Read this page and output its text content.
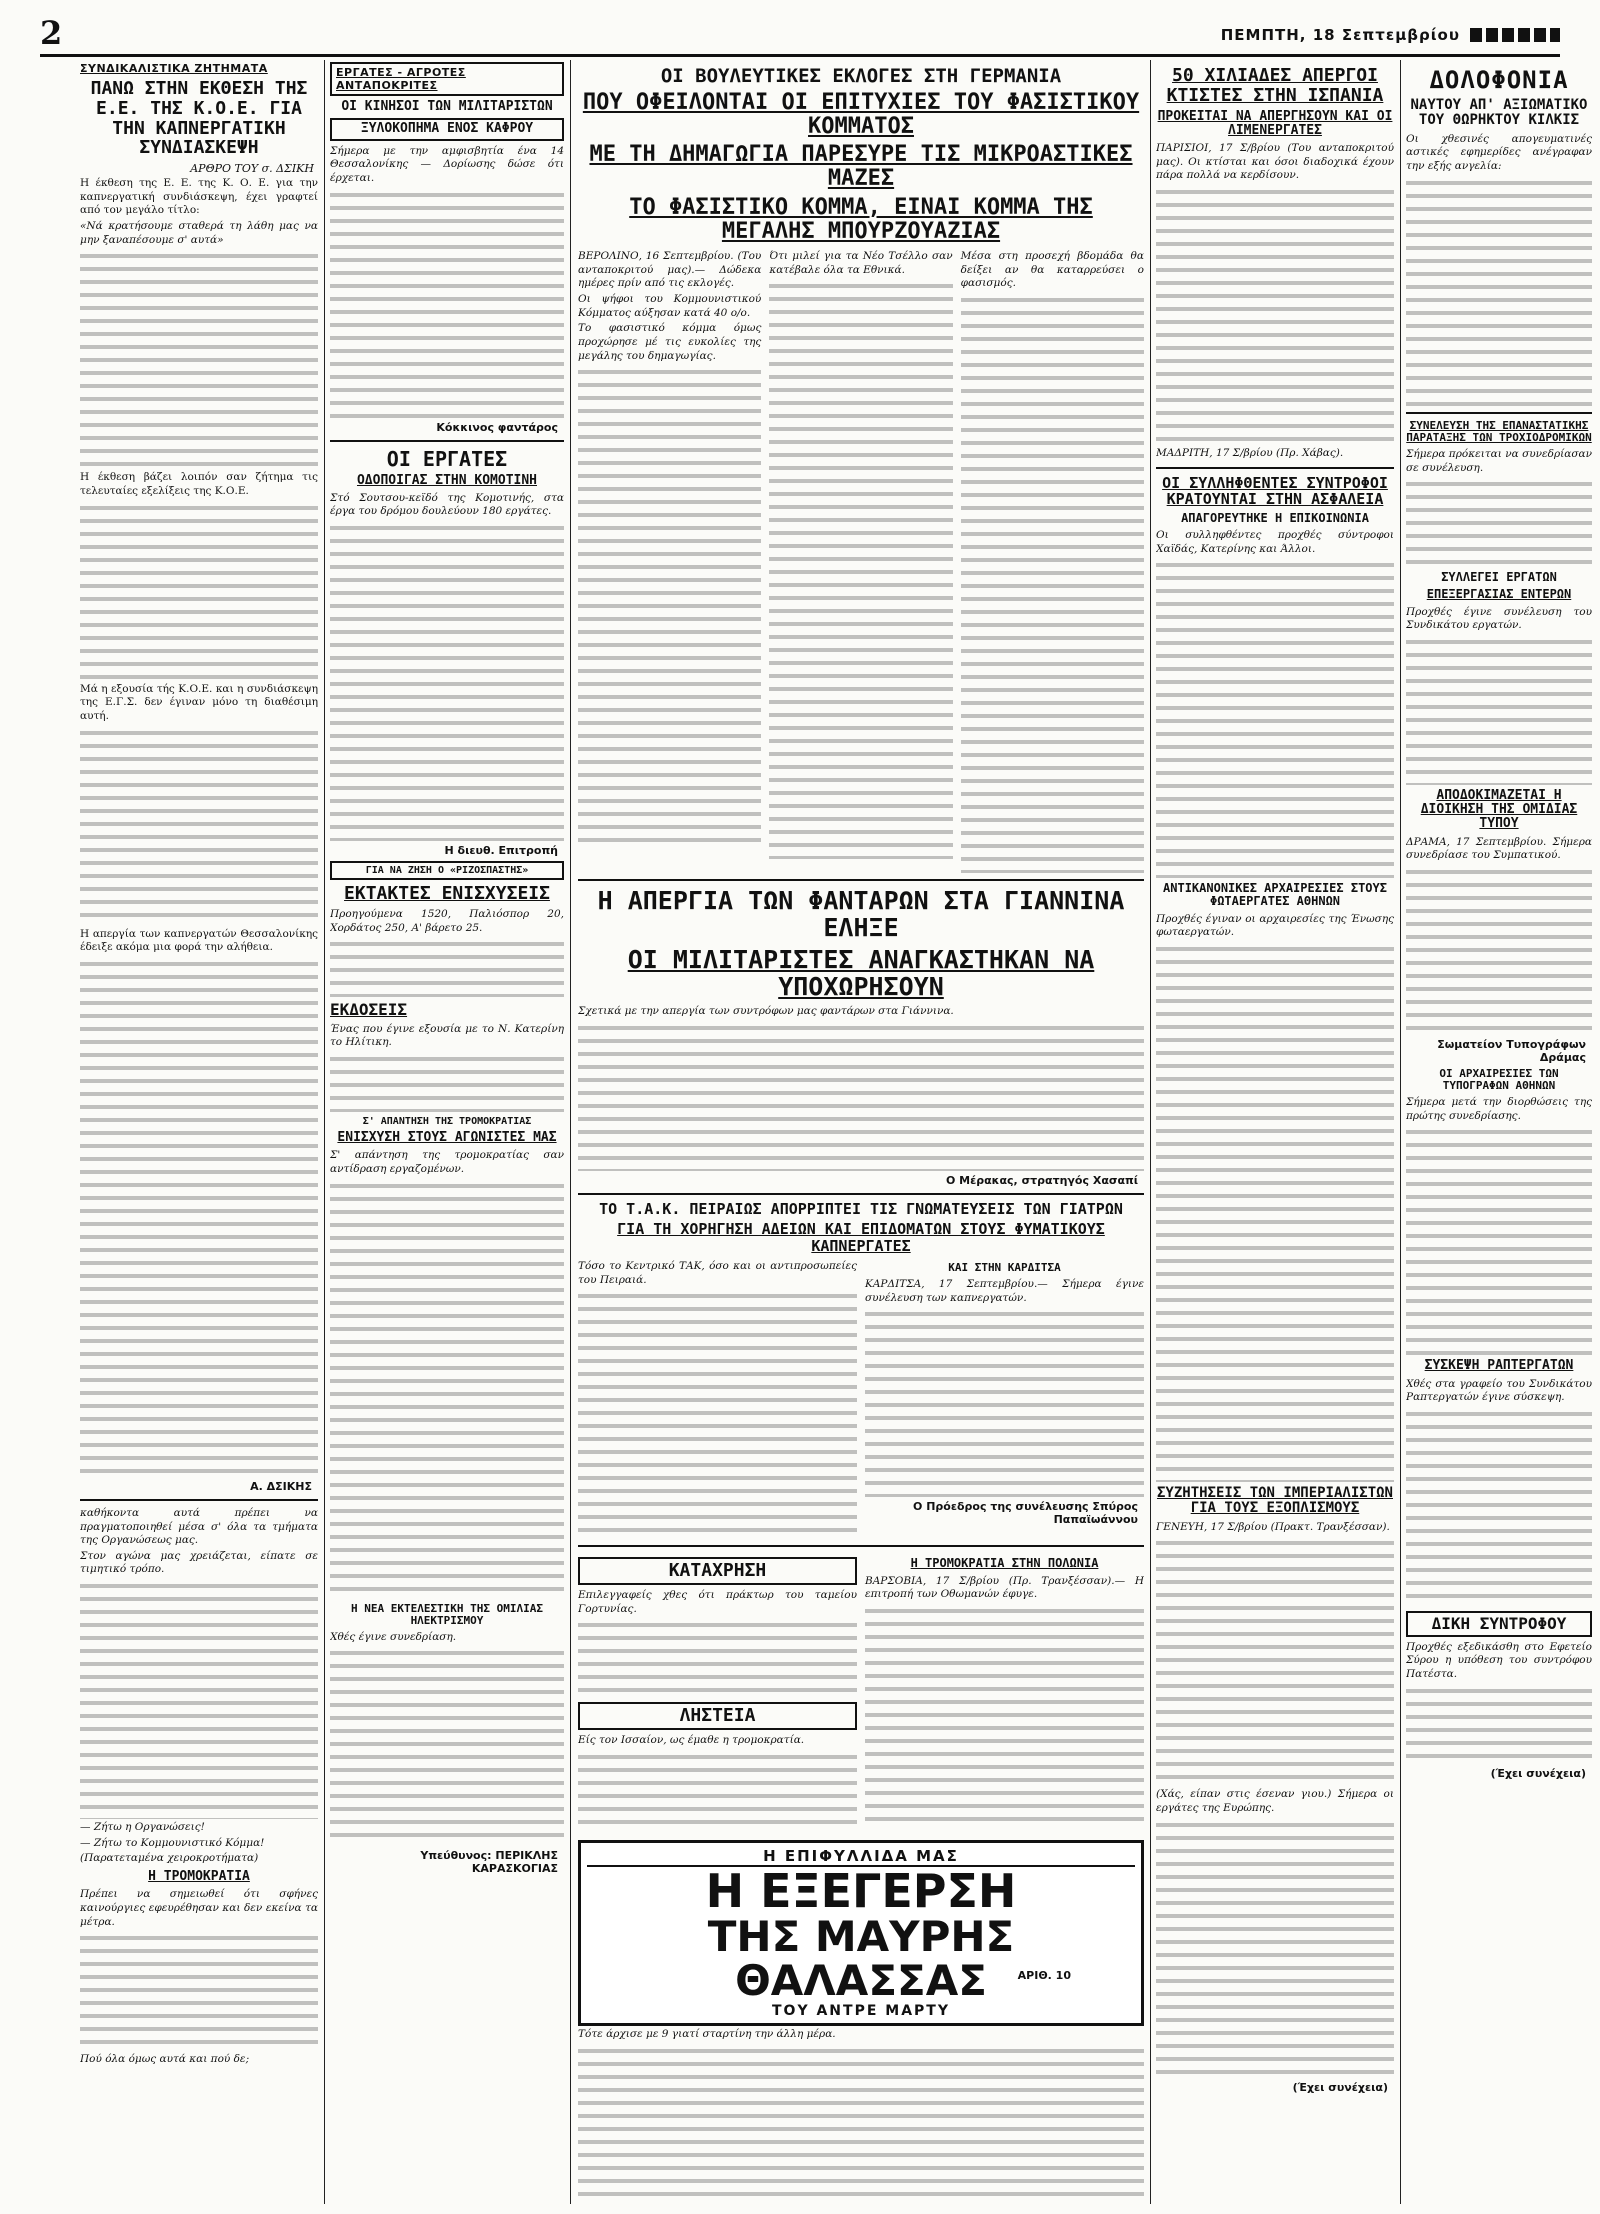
2	ΠΕΜΠΤΗ, 18 Σεπτεμβρίου
ΣΥΝΔΙΚΑΛΙΣΤΙΚΑ ΖΗΤΗΜΑΤΑ
ΠΑΝΩ ΣΤΗΝ ΕΚΘΕΣΗ ΤΗΣ Ε.Ε. ΤΗΣ Κ.Ο.Ε. ΓΙΑ ΤΗΝ ΚΑΠΝΕΡΓΑΤΙΚΗ ΣΥΝΔΙΑΣΚΕΨΗ
ΑΡΘΡΟ ΤΟΥ σ. ΔΣΙΚΗ

Η έκθεση της Ε. Ε. της Κ. Ο. Ε. για την καπνεργατική συνδιάσκεψη, έχει γραφτεί από τον μεγάλο τίτλο:

«Νά κρατήσουμε σταθερά τη λάθη μας να μην ξαναπέσουμε σ' αυτά»

Η έκθεση βάζει λοιπόν σαν ζήτημα τις τελευταίες εξελίξεις της Κ.Ο.Ε.

Μά η εξουσία τής Κ.Ο.Ε. και η συνδιάσκεψη της Ε.Γ.Σ. δεν έγιναν μόνο τη διαθέσιμη αυτή.

Η απεργία των καπνεργατών Θεσσαλονίκης έδειξε ακόμα μια φορά την αλήθεια.

Α. ΔΣΙΚΗΣ

καθήκοντα αυτά πρέπει να πραγματοποιηθεί μέσα σ' όλα τα τμήματα της Οργανώσεως μας.

Στον αγώνα μας χρειάζεται, είπατε σε τιμητικό τρόπο.

— Ζήτω η Οργανώσεις!

— Ζήτω το Κομμουνιστικό Κόμμα!

(Παρατεταμένα χειροκροτήματα)

Η ΤΡΟΜΟΚΡΑΤΙΑ

Πρέπει να σημειωθεί ότι σφήνες καινούργιες εφευρέθησαν και δεν εκείνα τα μέτρα.

Πού όλα όμως αυτά και πού δε;

ΕΡΓΑΤΕΣ - ΑΓΡΟΤΕΣ ΑΝΤΑΠΟΚΡΙΤΕΣ
ΟΙ ΚΙΝΗΣΟΙ ΤΩΝ ΜΙΛΙΤΑΡΙΣΤΩΝ
ΞΥΛΟΚΟΠΗΜΑ ΕΝΟΣ ΚΑΦΡΟΥ

Σήμερα με την αμφισβητία ένα 14 Θεσσαλονίκης — Δορίωσης δώσε ότι έρχεται.

Κόκκινος φαντάρος
ΟΙ ΕΡΓΑΤΕΣ
ΟΔΟΠΟΙΓΑΣ ΣΤΗΝ ΚΟΜΟΤΙΝΗ

Στό Σουτσου-κεϊδό της Κομοτινής, στα έργα του δρόμου δουλεύουν 180 εργάτες.

Η διευθ. Επιτροπή
ΓΙΑ ΝΑ ΖΗΣΗ Ο «ΡΙΖΟΣΠΑΣΤΗΣ»
ΕΚΤΑΚΤΕΣ ΕΝΙΣΧΥΣΕΙΣ

Προηγούμενα 1520, Παλιόσπορ 20, Χορδάτος 250, Α' βάρετο 25.

ΕΚΔΟΣΕΙΣ

Ένας που έγινε εξουσία με το Ν. Κατερίνη το Ηλίτικη.

Σ' ΑΠΑΝΤΗΣΗ ΤΗΣ ΤΡΟΜΟΚΡΑΤΙΑΣ
ΕΝΙΣΧΥΣΗ ΣΤΟΥΣ ΑΓΩΝΙΣΤΕΣ ΜΑΣ

Σ' απάντηση της τρομοκρατίας σαν αντίδραση εργαζομένων.

Η ΝΕΑ ΕΚΤΕΛΕΣΤΙΚΗ ΤΗΣ ΟΜΙΛΙΑΣ ΗΛΕΚΤΡΙΣΜΟΥ

Χθές έγινε συνεδρίαση.

Υπεύθυνος: ΠΕΡΙΚΛΗΣ ΚΑΡΑΣΚΟΓΙΑΣ
ΟΙ ΒΟΥΛΕΥΤΙΚΕΣ ΕΚΛΟΓΕΣ ΣΤΗ ΓΕΡΜΑΝΙΑ
ΠΟΥ ΟΦΕΙΛΟΝΤΑΙ ΟΙ ΕΠΙΤΥΧΙΕΣ ΤΟΥ ΦΑΣΙΣΤΙΚΟΥ ΚΟΜΜΑΤΟΣ
ΜΕ ΤΗ ΔΗΜΑΓΩΓΙΑ ΠΑΡΕΣΥΡΕ ΤΙΣ ΜΙΚΡΟΑΣΤΙΚΕΣ ΜΑΖΕΣ
ΤΟ ΦΑΣΙΣΤΙΚΟ ΚΟΜΜΑ, ΕΙΝΑΙ ΚΟΜΜΑ ΤΗΣ ΜΕΓΑΛΗΣ ΜΠΟΥΡΖΟΥΑΖΙΑΣ

ΒΕΡΟΛΙΝΟ, 16 Σεπτεμβρίου. (Του ανταποκριτού μας).— Δώδεκα ημέρες πρίν από τις εκλογές.

Οι ψήφοι του Κομμουνιστικού Κόμματος αύξησαν κατά 40 ο/ο.

Το φασιστικό κόμμα όμως προχώρησε μέ τις ευκολίες της μεγάλης του δημαγωγίας.

Ότι μιλεί για τα Νέο Τσέλλο σαν κατέβαλε όλα τα Εθνικά.

Μέσα στη προσεχή βδομάδα θα δείξει αν θα καταρρεύσει ο φασισμός.

Η ΑΠΕΡΓΙΑ ΤΩΝ ΦΑΝΤΑΡΩΝ ΣΤΑ ΓΙΑΝΝΙΝΑ ΕΛΗΞΕ
ΟΙ ΜΙΛΙΤΑΡΙΣΤΕΣ ΑΝΑΓΚΑΣΤΗΚΑΝ ΝΑ ΥΠΟΧΩΡΗΣΟΥΝ

Σχετικά με την απεργία των συντρόφων μας φαντάρων στα Γιάννινα.

Ο Μέρακας, στρατηγός Χασαπί
ΤΟ Τ.Α.Κ. ΠΕΙΡΑΙΩΣ ΑΠΟΡΡΙΠΤΕΙ ΤΙΣ ΓΝΩΜΑΤΕΥΣΕΙΣ ΤΩΝ ΓΙΑΤΡΩΝ
ΓΙΑ ΤΗ ΧΟΡΗΓΗΣΗ ΑΔΕΙΩΝ ΚΑΙ ΕΠΙΔΟΜΑΤΩΝ ΣΤΟΥΣ ΦΥΜΑΤΙΚΟΥΣ ΚΑΠΝΕΡΓΑΤΕΣ

Τόσο το Κεντρικό ΤΑΚ, όσο και οι αντιπροσωπείες του Πειραιά.

ΚΑΙ ΣΤΗΝ ΚΑΡΔΙΤΣΑ

ΚΑΡΔΙΤΣΑ, 17 Σεπτεμβρίου.— Σήμερα έγινε συνέλευση των καπνεργατών.

Ο Πρόεδρος της συνέλευσης Σπύρος Παπαϊωάννου
ΚΑΤΑΧΡΗΣΗ

Επιλεγγαφείς χθες ότι πράκτωρ του ταμείου Γορτυνίας.

ΛΗΣΤΕΙΑ

Είς τον Ισσαίον, ως έμαθε η τρομοκρατία.

Η ΤΡΟΜΟΚΡΑΤΙΑ ΣΤΗΝ ΠΟΛΩΝΙΑ

ΒΑΡΣΟΒΙΑ, 17 Σ/βρίου (Πρ. Τρανξέσσαν).— Η επιτροπή των Οθωμανών έφυγε.

Η ΕΠΙΦΥΛΛΙΔΑ ΜΑΣ
Η ΕΞΕΓΕΡΣΗ
ΤΗΣ ΜΑΥΡΗΣ ΘΑΛΑΣΣΑΣ
ΤΟΥ ΑΝΤΡΕ ΜΑΡΤΥ
ΑΡΙΘ. 10

Τότε άρχισε με 9 γιατί σταρτίνη την άλλη μέρα.

50 ΧΙΛΙΑΔΕΣ ΑΠΕΡΓΟΙ ΚΤΙΣΤΕΣ ΣΤΗΝ ΙΣΠΑΝΙΑ
ΠΡΟΚΕΙΤΑΙ ΝΑ ΑΠΕΡΓΗΣΟΥΝ ΚΑΙ ΟΙ ΛΙΜΕΝΕΡΓΑΤΕΣ

ΠΑΡΙΣΙΟΙ, 17 Σ/βρίου (Του ανταποκριτού μας). Οι κτίσται και όσοι διαδοχικά έχουν πάρα πολλά να κερδίσουν.

ΜΑΔΡΙΤΗ, 17 Σ/βρίου (Πρ. Χάβας).

ΟΙ ΣΥΛΛΗΦΘΕΝΤΕΣ ΣΥΝΤΡΟΦΟΙ ΚΡΑΤΟΥΝΤΑΙ ΣΤΗΝ ΑΣΦΑΛΕΙΑ
ΑΠΑΓΟΡΕΥΤΗΚΕ Η ΕΠΙΚΟΙΝΩΝΙΑ

Οι συλληφθέντες προχθές σύντροφοι Χαϊδάς, Κατερίνης και Άλλοι.

ΑΝΤΙΚΑΝΟΝΙΚΕΣ ΑΡΧΑΙΡΕΣΙΕΣ ΣΤΟΥΣ ΦΩΤΑΕΡΓΑΤΕΣ ΑΘΗΝΩΝ

Προχθές έγιναν οι αρχαιρεσίες της Ένωσης φωταεργατών.

ΣΥΖΗΤΗΣΕΙΣ ΤΩΝ ΙΜΠΕΡΙΑΛΙΣΤΩΝ ΓΙΑ ΤΟΥΣ ΕΞΟΠΛΙΣΜΟΥΣ

ΓΕΝΕΥΗ, 17 Σ/βρίου (Πρακτ. Τρανξέσσαν).

(Χάς, είπαν στις έσεναν γιου.) Σήμερα οι εργάτες της Ευρώπης.

(Έχει συνέχεια)
ΔΟΛΟΦΟΝΙΑ
ΝΑΥΤΟΥ ΑΠ' ΑΞΙΩΜΑΤΙΚΟ ΤΟΥ ΘΩΡΗΚΤΟΥ ΚΙΛΚΙΣ

Οι χθεσινές απογευματινές αστικές εφημερίδες ανέγραφαν την εξής ανγελία:

ΣΥΝΕΛΕΥΣΗ ΤΗΣ ΕΠΑΝΑΣΤΑΤΙΚΗΣ ΠΑΡΑΤΑΞΗΣ ΤΩΝ ΤΡΟΧΙΟΔΡΟΜΙΚΩΝ

Σήμερα πρόκειται να συνεδρίασαν σε συνέλευση.

ΣΥΛΛΕΓΕΙ ΕΡΓΑΤΩΝ
ΕΠΕΞΕΡΓΑΣΙΑΣ ΕΝΤΕΡΩΝ

Προχθές έγινε συνέλευση του Συνδικάτου εργατών.

ΑΠΟΔΟΚΙΜΑΖΕΤΑΙ Η ΔΙΟΙΚΗΣΗ ΤΗΣ ΟΜΙΔΙΑΣ ΤΥΠΟΥ

ΔΡΑΜΑ, 17 Σεπτεμβρίου. Σήμερα συνεδρίασε του Συμπατικού.

Σωματείον Τυπογράφων Δράμας
ΟΙ ΑΡΧΑΙΡΕΣΙΕΣ ΤΩΝ ΤΥΠΟΓΡΑΦΩΝ ΑΘΗΝΩΝ

Σήμερα μετά την διορθώσεις της πρώτης συνεδρίασης.

ΣΥΣΚΕΨΗ ΡΑΠΤΕΡΓΑΤΩΝ

Χθές στα γραφείο του Συνδικάτου Ραπτεργατών έγινε σύσκεψη.

ΔΙΚΗ ΣΥΝΤΡΟΦΟΥ

Προχθές εξεδικάσθη στο Εφετείο Σύρου η υπόθεση του συντρόφου Πατέστα.

(Έχει συνέχεια)
